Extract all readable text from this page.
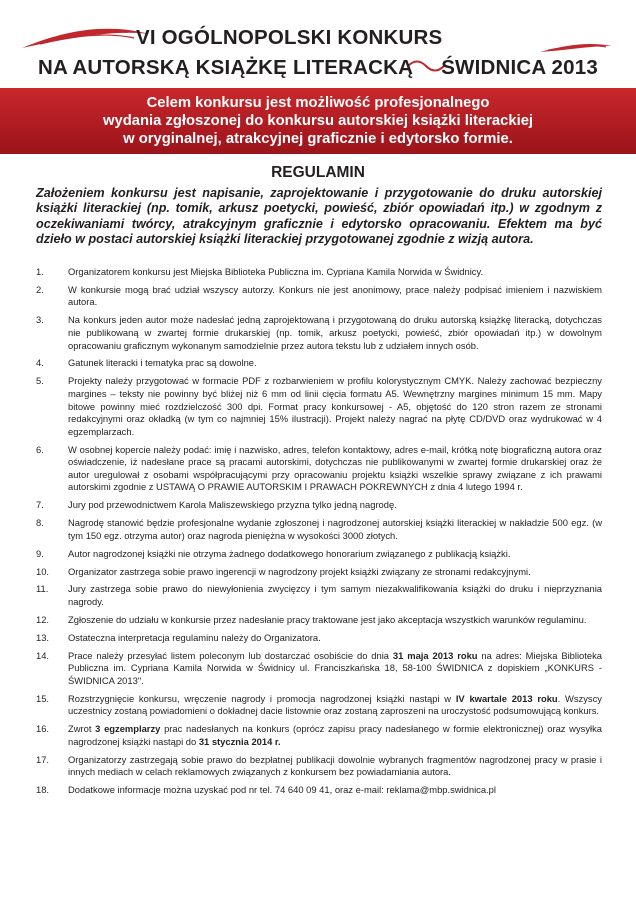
VI OGÓLNOPOLSKI KONKURS
NA AUTORSKĄ KSIĄŻKĘ LITERACKĄ ŚWIDNICA 2013
Celem konkursu jest możliwość profesjonalnego
wydania zgłoszonej do konkursu autorskiej książki literackiej
w oryginalnej, atrakcyjnej graficznie i edytorsko formie.
REGULAMIN
Założeniem konkursu jest napisanie, zaprojektowanie i przygotowanie do druku autorskiej książki literackiej (np. tomik, arkusz poetycki, powieść, zbiór opowiadań itp.) w zgodnym z oczekiwaniami twórcy, atrakcyjnym graficznie i edytorsko opracowaniu. Efektem ma być dzieło w postaci autorskiej książki literackiej przygotowanej zgodnie z wizją autora.
1.	Organizatorem konkursu jest Miejska Biblioteka Publiczna im. Cypriana Kamila Norwida w Świdnicy.
2.	W konkursie mogą brać udział wszyscy autorzy. Konkurs nie jest anonimowy, prace należy podpisać imieniem i nazwiskiem autora.
3.	Na konkurs jeden autor może nadesłać jedną zaprojektowaną i przygotowaną do druku autorską książkę literacką, dotychczas nie publikowaną w zwartej formie drukarskiej (np. tomik, arkusz poetycki, powieść, zbiór opowiadań itp.) w dowolnym opracowaniu graficznym wykonanym samodzielnie przez autora tekstu lub z udziałem innych osób.
4.	Gatunek literacki i tematyka prac są dowolne.
5.	Projekty należy przygotować w formacie PDF z rozbarwieniem w profilu kolorystycznym CMYK. Należy zachować bezpieczny margines – teksty nie powinny być bliżej niż 6 mm od linii cięcia formatu A5. Wewnętrzny margines minimum 15 mm. Mapy bitowe powinny mieć rozdzielczość 300 dpi. Format pracy konkursowej - A5, objętość do 120 stron razem ze stronami redakcyjnymi oraz okładką (w tym co najmniej 15% ilustracji). Projekt należy nagrać na płytę CD/DVD oraz wydrukować w 4 egzemplarzach.
6.	W osobnej kopercie należy podać: imię i nazwisko, adres, telefon kontaktowy, adres e-mail, krótką notę biograficzną autora oraz oświadczenie, iż nadesłane prace są pracami autorskimi, dotychczas nie publikowanymi w zwartej formie drukarskiej oraz że autor uregulował z osobami współpracującymi przy opracowaniu projektu książki wszelkie sprawy związane z ich prawami autorskimi zgodnie z USTAWĄ O PRAWIE AUTORSKIM I PRAWACH POKREWNYCH z dnia 4 lutego 1994 r.
7.	Jury pod przewodnictwem Karola Maliszewskiego przyzna tylko jedną nagrodę.
8.	Nagrodę stanowić będzie profesjonalne wydanie zgłoszonej i nagrodzonej autorskiej książki literackiej w nakładzie 500 egz. (w tym 150 egz. otrzyma autor) oraz nagroda pieniężna w wysokości 3000 złotych.
9.	Autor nagrodzonej książki nie otrzyma żadnego dodatkowego honorarium związanego z publikacją książki.
10. Organizator zastrzega sobie prawo ingerencji w nagrodzony projekt książki związany ze stronami redakcyjnymi.
11. Jury zastrzega sobie prawo do niewyłonienia zwycięzcy i tym samym niezakwalifikowania książki do druku i nieprzyznania nagrody.
12. Zgłoszenie do udziału w konkursie przez nadesłanie pracy traktowane jest jako akceptacja wszystkich warunków regulaminu.
13. Ostateczna interpretacja regulaminu należy do Organizatora.
14. Prace należy przesyłać listem poleconym lub dostarczać osobiście do dnia 31 maja 2013 roku na adres: Miejska Biblioteka Publiczna im. Cypriana Kamila Norwida w Świdnicy ul. Franciszkańska 18, 58-100 ŚWIDNICA z dopiskiem „KONKURS - ŚWIDNICA 2013".
15. Rozstrzygnięcie konkursu, wręczenie nagrody i promocja nagrodzonej książki nastąpi w IV kwartale 2013 roku. Wszyscy uczestnicy zostaną powiadomieni o dokładnej dacie listownie oraz zostaną zaproszeni na uroczystość podsumowującą konkurs.
16. Zwrot 3 egzemplarzy prac nadesłanych na konkurs (oprócz zapisu pracy nadesłanego w formie elektronicznej) oraz wysyłka nagrodzonej książki nastąpi do 31 stycznia 2014 r.
17. Organizatorzy zastrzegają sobie prawo do bezpłatnej publikacji dowolnie wybranych fragmentów nagrodzonej pracy w prasie i innych mediach w celach reklamowych związanych z konkursem bez powiadamiania autora.
18. Dodatkowe informacje można uzyskać pod nr tel. 74 640 09 41, oraz e-mail: reklama@mbp.swidnica.pl
